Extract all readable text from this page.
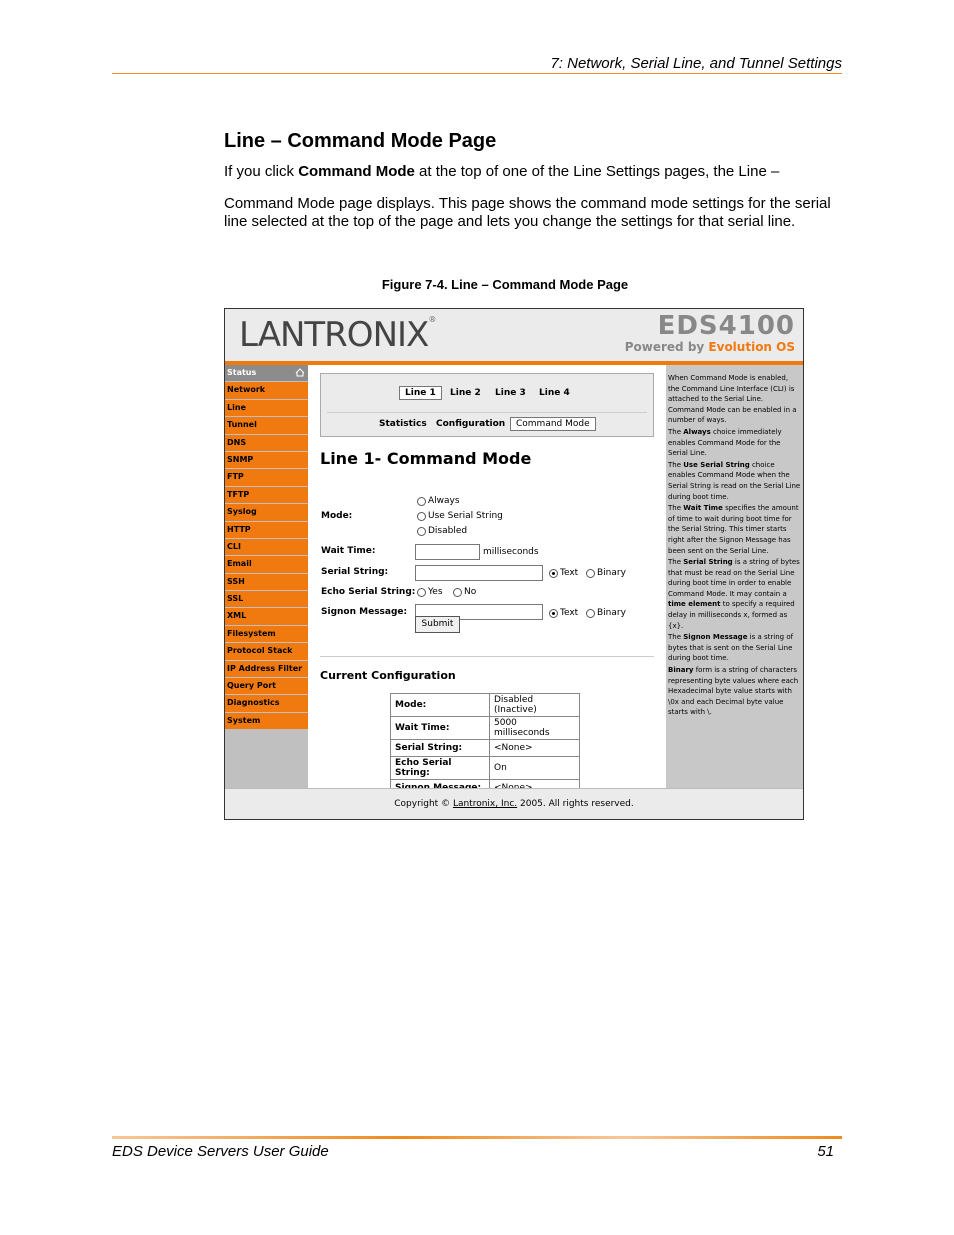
7: Network, Serial Line, and Tunnel Settings
Line – Command Mode Page
If you click Command Mode at the top of one of the Line Settings pages, the Line –
Command Mode page displays. This page shows the command mode settings for the serial line selected at the top of the page and lets you change the settings for that serial line.
Figure 7-4. Line – Command Mode Page
LANTRONIX®	EDS4100
Powered by Evolution OS
Status
Network
Line
Tunnel
DNS
SNMP
FTP
TFTP
Syslog
HTTP
CLI
Email
SSH
SSL
XML
Filesystem
Protocol Stack
IP Address Filter
Query Port
Diagnostics
System
Line 1	Line 2	Line 3	Line 4
Statistics	Configuration	Command Mode
Line 1- Command Mode
Mode:
Always
Use Serial String
Disabled
Wait Time:	milliseconds
Serial String:	Text Binary
Echo Serial String: Yes No
Signon Message:	Text Binary
Submit
Current Configuration
Mode:	Disabled (Inactive)
Wait Time:	5000 milliseconds
Serial String:	<None>
Echo Serial String:	On

When Command Mode is enabled, the Command Line Interface (CLI) is attached to the Serial Line. Command Mode can be enabled in a number of ways.

The Always choice immediately enables Command Mode for the Serial Line.

The Use Serial String choice enables Command Mode when the Serial String is read on the Serial Line during boot time.

The Wait Time specifies the amount of time to wait during boot time for the Serial String. This timer starts right after the Signon Message has been sent on the Serial Line.

The Serial String is a string of bytes that must be read on the Serial Line during boot time in order to enable Command Mode. It may contain a time element to specify a required delay in milliseconds x, formed as {x}.

The Signon Message is a string of bytes that is sent on the Serial Line during boot time.

Binary form is a string of characters representing byte values where each Hexadecimal byte value starts with \0x and each Decimal byte value starts with \.

Copyright © Lantronix, Inc. 2005. All rights reserved.
EDS Device Servers User Guide	51
